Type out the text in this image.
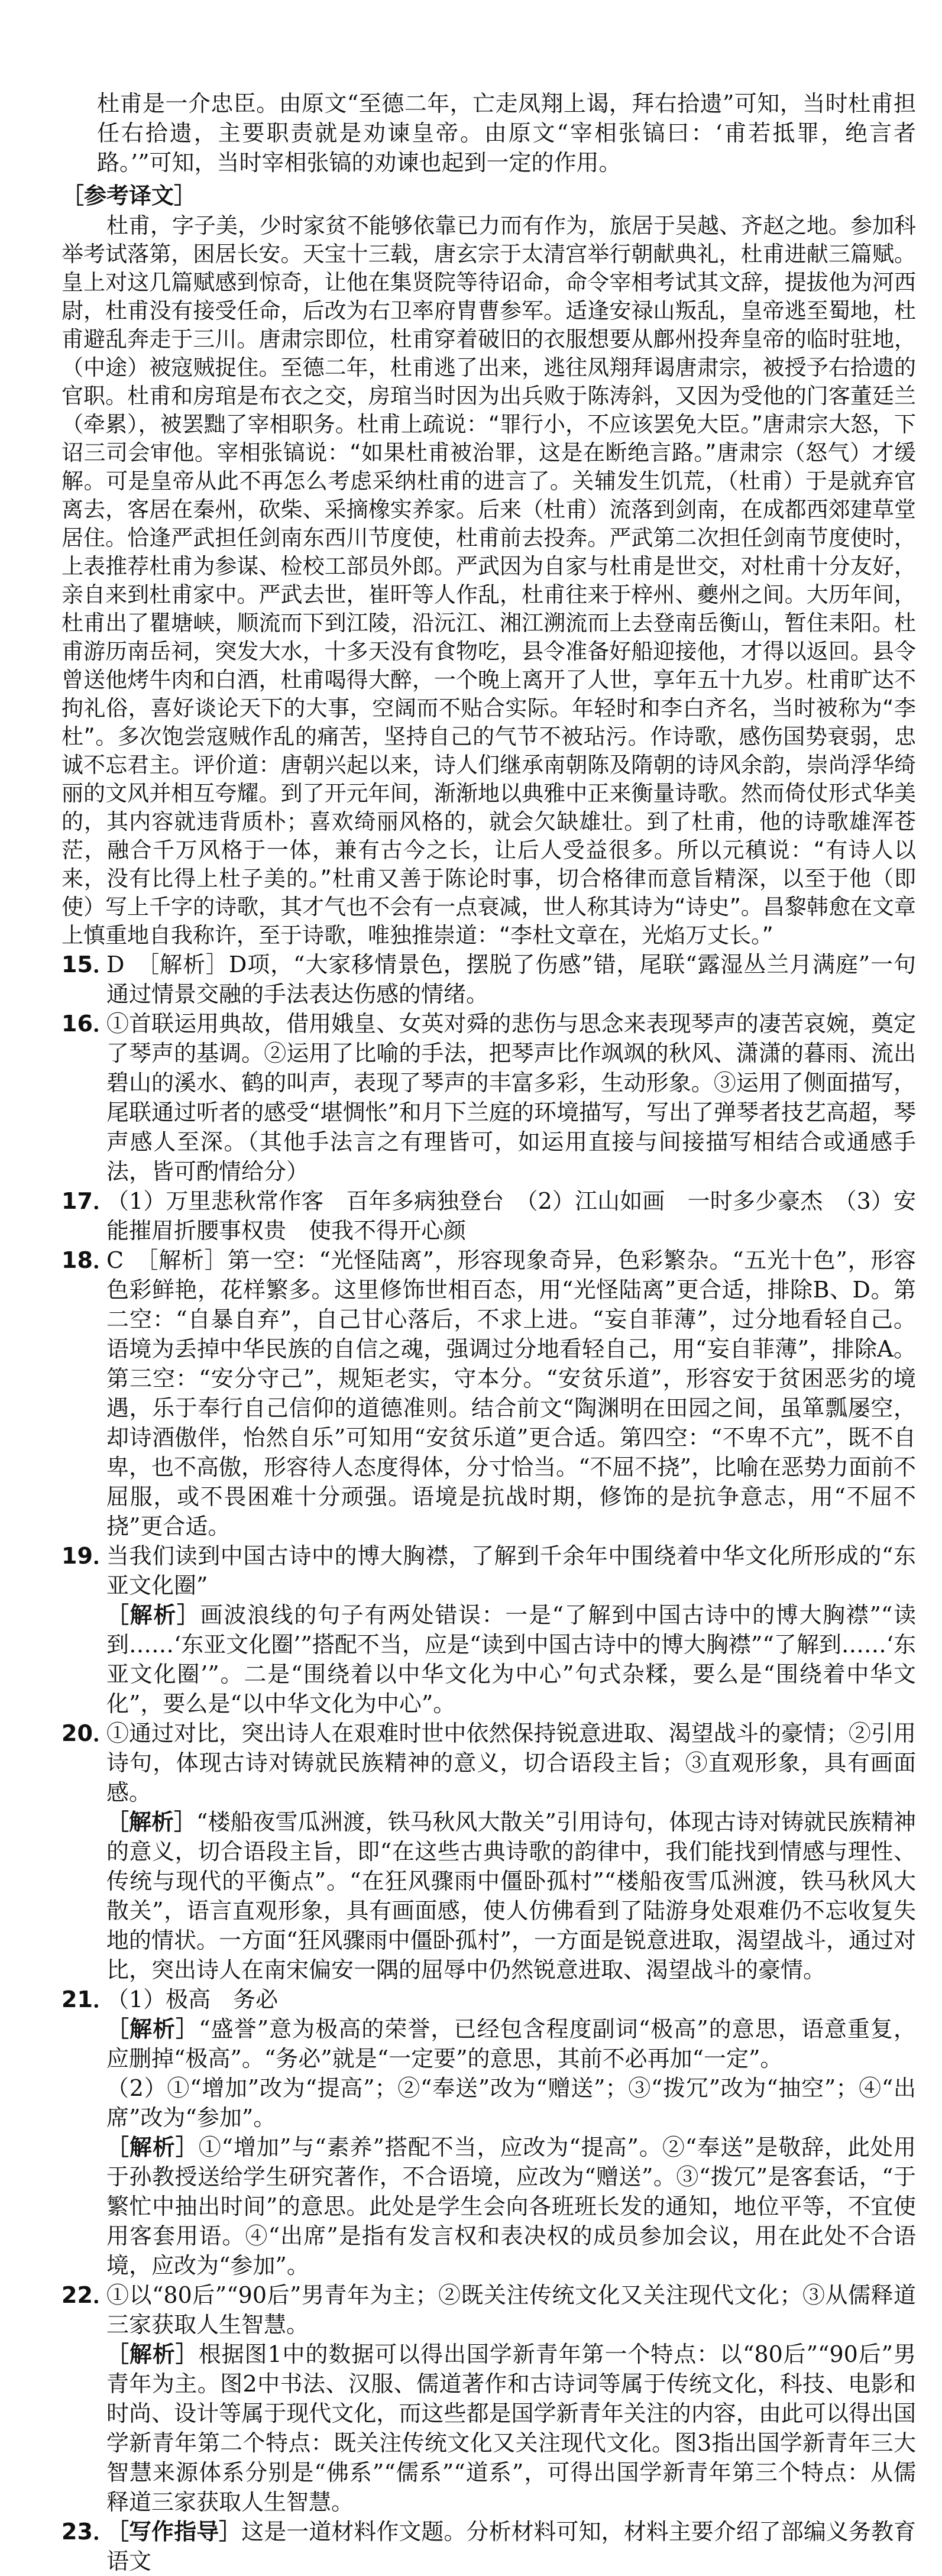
杜甫是一介忠臣。由原文“至德二年，亡走凤翔上谒，拜右拾遗”可知，当时杜甫担任右拾遗，主要职责就是劝谏皇帝。由原文“宰相张镐曰：‘甫若抵罪，绝言者路。’”可知，当时宰相张镐的劝谏也起到一定的作用。

［参考译文］

杜甫，字子美，少时家贫不能够依靠已力而有作为，旅居于吴越、齐赵之地。参加科举考试落第，困居长安。天宝十三载，唐玄宗于太清宫举行朝献典礼，杜甫进献三篇赋。皇上对这几篇赋感到惊奇，让他在集贤院等待诏命，命令宰相考试其文辞，提拔他为河西尉，杜甫没有接受任命，后改为右卫率府胄曹参军。适逢安禄山叛乱，皇帝逃至蜀地，杜甫避乱奔走于三川。唐肃宗即位，杜甫穿着破旧的衣服想要从鄜州投奔皇帝的临时驻地，（中途）被寇贼捉住。至德二年，杜甫逃了出来，逃往凤翔拜谒唐肃宗，被授予右拾遗的官职。杜甫和房琯是布衣之交，房琯当时因为出兵败于陈涛斜，又因为受他的门客董廷兰（牵累），被罢黜了宰相职务。杜甫上疏说：“罪行小，不应该罢免大臣。”唐肃宗大怒，下诏三司会审他。宰相张镐说：“如果杜甫被治罪，这是在断绝言路。”唐肃宗（怒气）才缓解。可是皇帝从此不再怎么考虑采纳杜甫的进言了。关辅发生饥荒，（杜甫）于是就弃官离去，客居在秦州，砍柴、采摘橡实养家。后来（杜甫）流落到剑南，在成都西郊建草堂居住。恰逢严武担任剑南东西川节度使，杜甫前去投奔。严武第二次担任剑南节度使时，上表推荐杜甫为参谋、检校工部员外郎。严武因为自家与杜甫是世交，对杜甫十分友好，亲自来到杜甫家中。严武去世，崔旰等人作乱，杜甫往来于梓州、夔州之间。大历年间，杜甫出了瞿塘峡，顺流而下到江陵，沿沅江、湘江溯流而上去登南岳衡山，暂住耒阳。杜甫游历南岳祠，突发大水，十多天没有食物吃，县令准备好船迎接他，才得以返回。县令曾送他烤牛肉和白酒，杜甫喝得大醉，一个晚上离开了人世，享年五十九岁。杜甫旷达不拘礼俗，喜好谈论天下的大事，空阔而不贴合实际。年轻时和李白齐名，当时被称为“李杜”。多次饱尝寇贼作乱的痛苦，坚持自己的气节不被玷污。作诗歌，感伤国势衰弱，忠诚不忘君主。评价道：唐朝兴起以来，诗人们继承南朝陈及隋朝的诗风余韵，崇尚浮华绮丽的文风并相互夸耀。到了开元年间，渐渐地以典雅中正来衡量诗歌。然而倚仗形式华美的，其内容就违背质朴；喜欢绮丽风格的，就会欠缺雄壮。到了杜甫，他的诗歌雄浑苍茫，融合千万风格于一体，兼有古今之长，让后人受益很多。所以元稹说：“有诗人以来，没有比得上杜子美的。”杜甫又善于陈论时事，切合格律而意旨精深，以至于他（即使）写上千字的诗歌，其才气也不会有一点衰减，世人称其诗为“诗史”。昌黎韩愈在文章上慎重地自我称许，至于诗歌，唯独推崇道：“李杜文章在，光焰万丈长。”

15．

D　［解析］D项，“大家移情景色，摆脱了伤感”错，尾联“露湿丛兰月满庭”一句通过情景交融的手法表达伤感的情绪。

16．

①首联运用典故，借用娥皇、女英对舜的悲伤与思念来表现琴声的凄苦哀婉，奠定了琴声的基调。②运用了比喻的手法，把琴声比作飒飒的秋风、潇潇的暮雨、流出碧山的溪水、鹤的叫声，表现了琴声的丰富多彩，生动形象。③运用了侧面描写，尾联通过听者的感受“堪惆怅”和月下兰庭的环境描写，写出了弹琴者技艺高超，琴声感人至深。（其他手法言之有理皆可，如运用直接与间接描写相结合或通感手法，皆可酌情给分）

17．

（1）万里悲秋常作客　百年多病独登台　（2）江山如画　一时多少豪杰　（3）安能摧眉折腰事权贵　使我不得开心颜

18．

C　［解析］第一空：“光怪陆离”，形容现象奇异，色彩繁杂。“五光十色”，形容色彩鲜艳，花样繁多。这里修饰世相百态，用“光怪陆离”更合适，排除B、D。第二空：“自暴自弃”，自己甘心落后，不求上进。“妄自菲薄”，过分地看轻自己。语境为丢掉中华民族的自信之魂，强调过分地看轻自己，用“妄自菲薄”，排除A。第三空：“安分守己”，规矩老实，守本分。“安贫乐道”，形容安于贫困恶劣的境遇，乐于奉行自己信仰的道德准则。结合前文“陶渊明在田园之间，虽箪瓢屡空，却诗酒傲伴，怡然自乐”可知用“安贫乐道”更合适。第四空：“不卑不亢”，既不自卑，也不高傲，形容待人态度得体，分寸恰当。“不屈不挠”，比喻在恶势力面前不屈服，或不畏困难十分顽强。语境是抗战时期，修饰的是抗争意志，用“不屈不挠”更合适。

19．

当我们读到中国古诗中的博大胸襟，了解到千余年中围绕着中华文化所形成的“东亚文化圈”

［解析］画波浪线的句子有两处错误：一是“了解到中国古诗中的博大胸襟”“读到……‘东亚文化圈’”搭配不当，应是“读到中国古诗中的博大胸襟”“了解到……‘东亚文化圈’”。二是“围绕着以中华文化为中心”句式杂糅，要么是“围绕着中华文化”，要么是“以中华文化为中心”。

20．

①通过对比，突出诗人在艰难时世中依然保持锐意进取、渴望战斗的豪情；②引用诗句，体现古诗对铸就民族精神的意义，切合语段主旨；③直观形象，具有画面感。

［解析］“楼船夜雪瓜洲渡，铁马秋风大散关”引用诗句，体现古诗对铸就民族精神的意义，切合语段主旨，即“在这些古典诗歌的韵律中，我们能找到情感与理性、传统与现代的平衡点”。“在狂风骤雨中僵卧孤村”“楼船夜雪瓜洲渡，铁马秋风大散关”，语言直观形象，具有画面感，使人仿佛看到了陆游身处艰难仍不忘收复失地的情状。一方面“狂风骤雨中僵卧孤村”，一方面是锐意进取，渴望战斗，通过对比，突出诗人在南宋偏安一隅的屈辱中仍然锐意进取、渴望战斗的豪情。

21．

（1）极高　务必

［解析］“盛誉”意为极高的荣誉，已经包含程度副词“极高”的意思，语意重复，应删掉“极高”。“务必”就是“一定要”的意思，其前不必再加“一定”。

（2）①“增加”改为“提高”；②“奉送”改为“赠送”；③“拨冗”改为“抽空”；④“出席”改为“参加”。

［解析］①“增加”与“素养”搭配不当，应改为“提高”。②“奉送”是敬辞，此处用于孙教授送给学生研究著作，不合语境，应改为“赠送”。③“拨冗”是客套话，“于繁忙中抽出时间”的意思。此处是学生会向各班班长发的通知，地位平等，不宜使用客套用语。④“出席”是指有发言权和表决权的成员参加会议，用在此处不合语境，应改为“参加”。

22．

①以“80后”“90后”男青年为主；②既关注传统文化又关注现代文化；③从儒释道三家获取人生智慧。

［解析］根据图1中的数据可以得出国学新青年第一个特点：以“80后”“90后”男青年为主。图2中书法、汉服、儒道著作和古诗词等属于传统文化，科技、电影和时尚、设计等属于现代文化，而这些都是国学新青年关注的内容，由此可以得出国学新青年第二个特点：既关注传统文化又关注现代文化。图3指出国学新青年三大智慧来源体系分别是“佛系”“儒系”“道系”，可得出国学新青年第三个特点：从儒释道三家获取人生智慧。

23．

［写作指导］这是一道材料作文题。分析材料可知，材料主要介绍了部编义务教育语文
